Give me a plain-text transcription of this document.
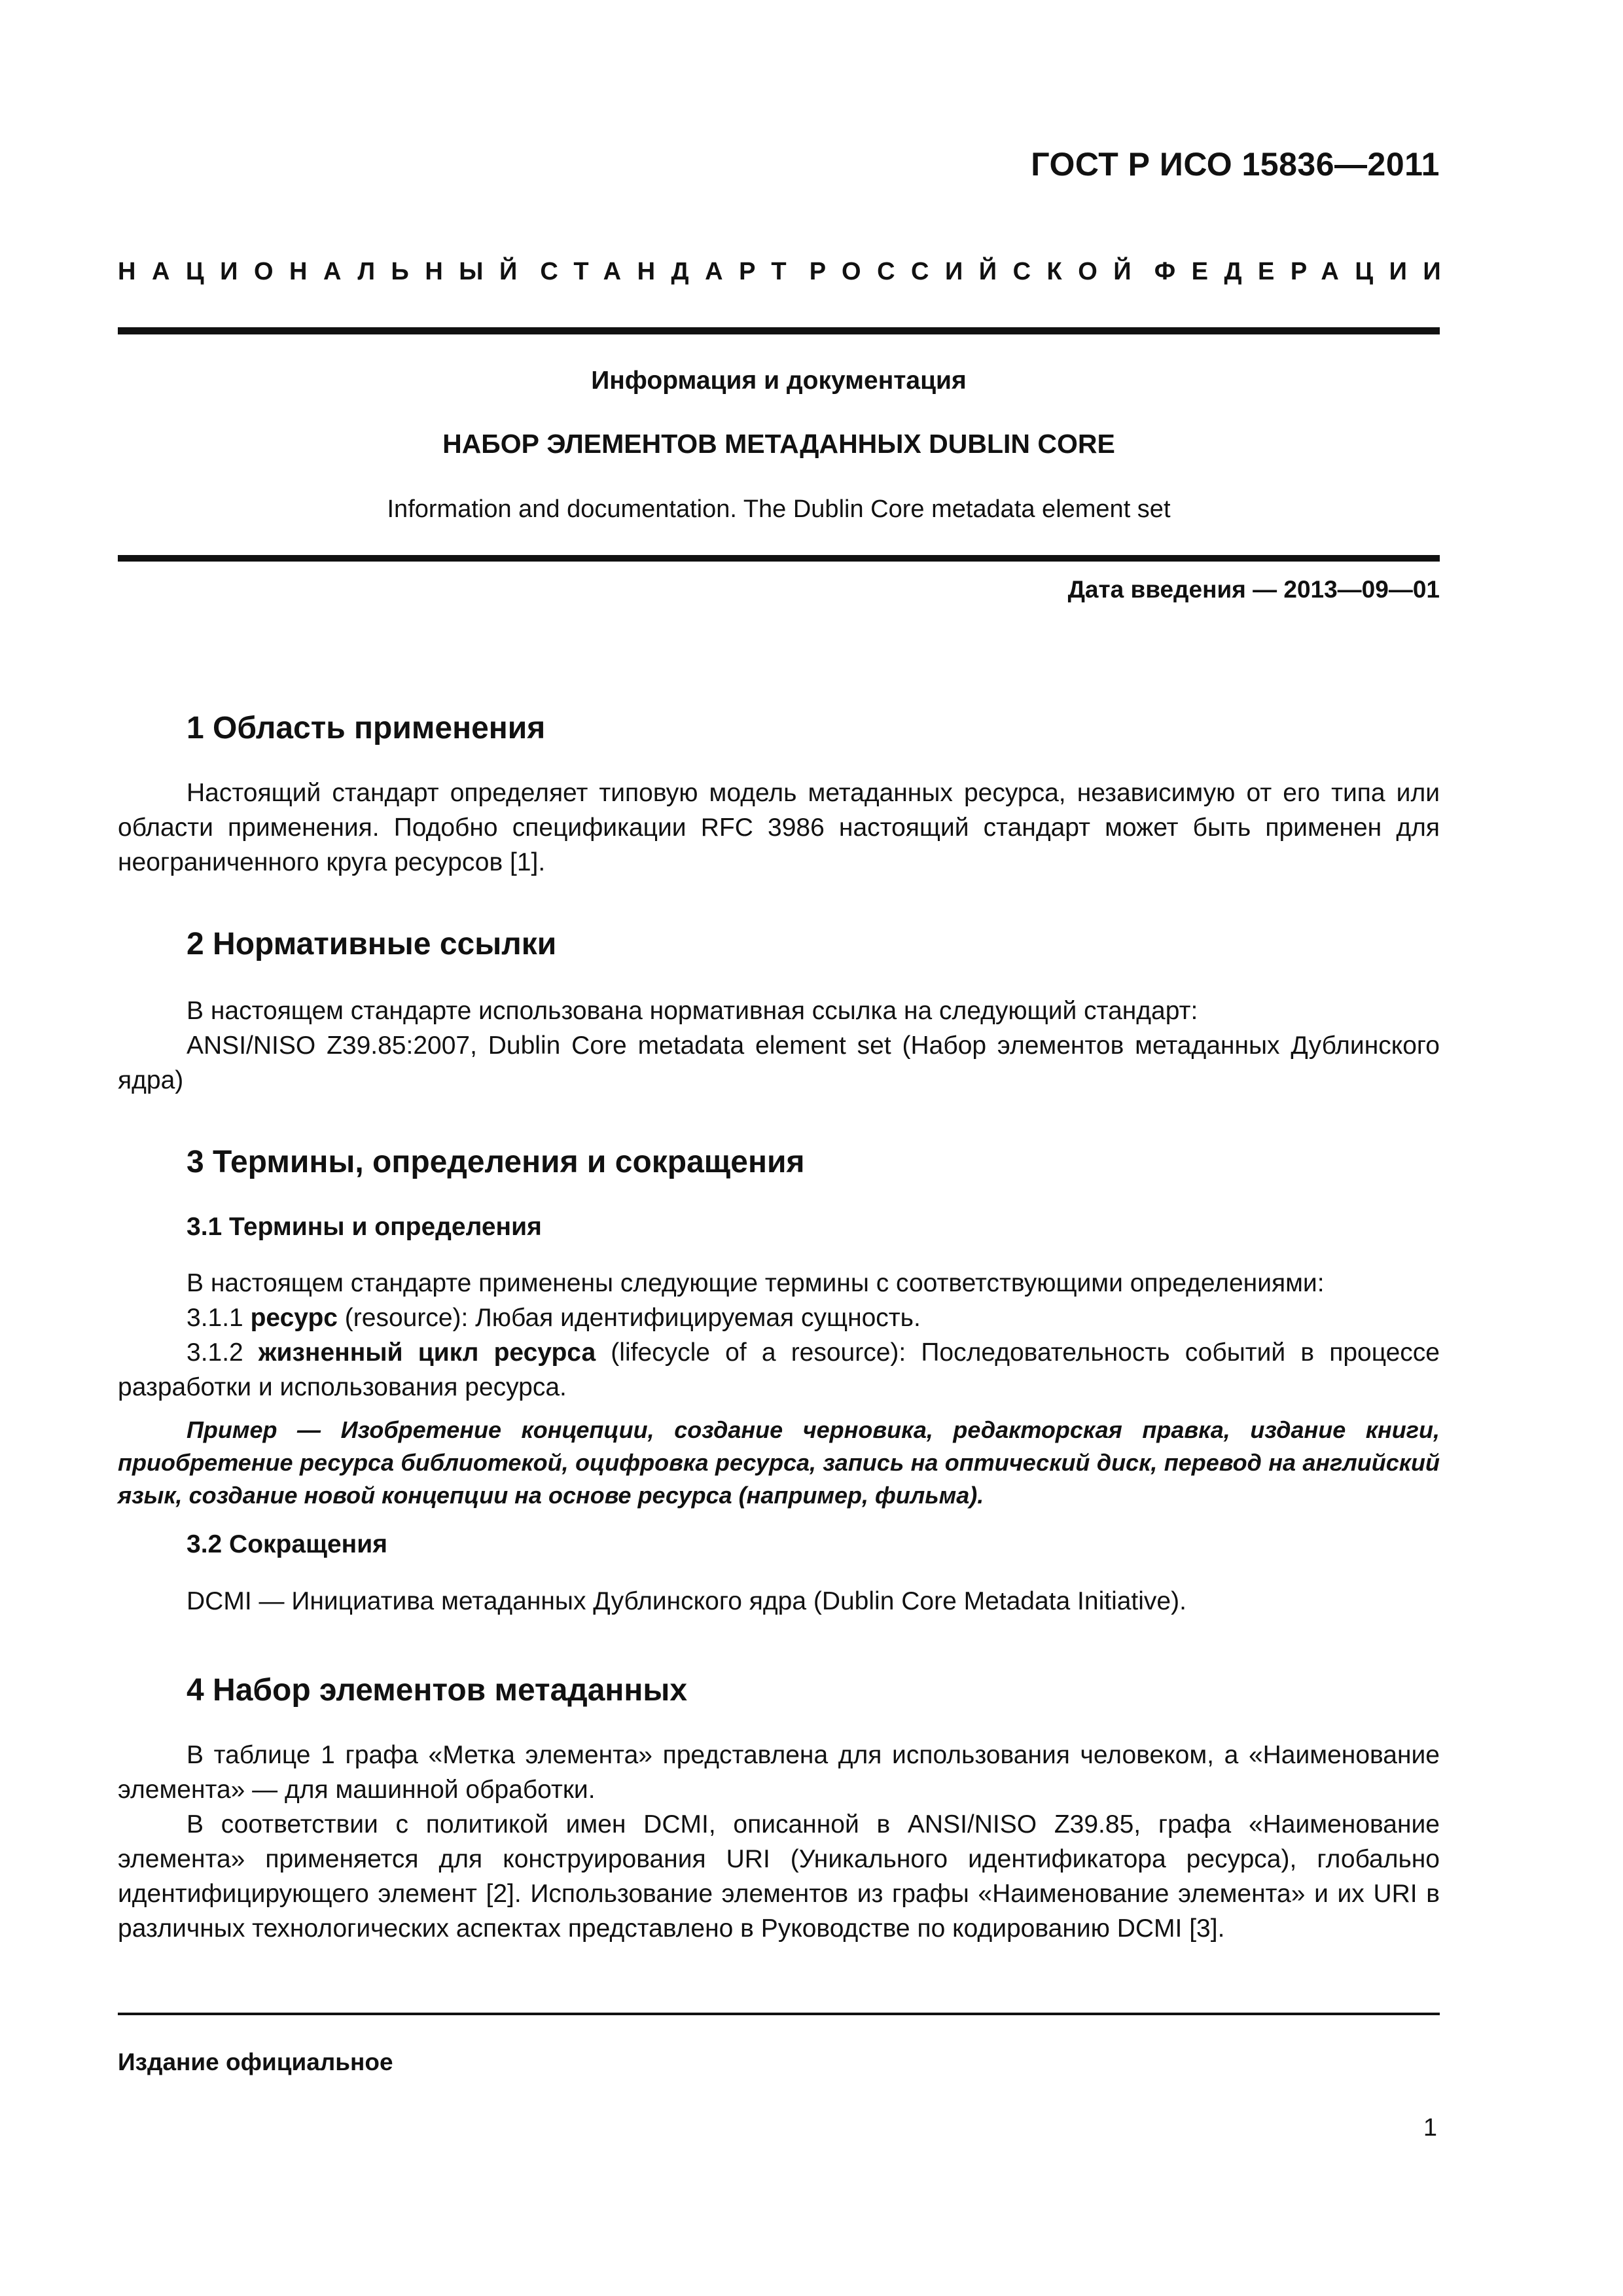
ГОСТ Р ИСО 15836—2011
НАЦИОНАЛЬНЫЙ СТАНДАРТ РОССИЙСКОЙ ФЕДЕРАЦИИ
Информация и документация
НАБОР ЭЛЕМЕНТОВ МЕТАДАННЫХ DUBLIN CORE
Information and documentation. The Dublin Core metadata element set
Дата введения — 2013—09—01
1 Область применения

Настоящий стандарт определяет типовую модель метаданных ресурса, независимую от его типа или области применения. Подобно спецификации RFC 3986 настоящий стандарт может быть применен для неограниченного круга ресурсов [1].

2 Нормативные ссылки

В настоящем стандарте использована нормативная ссылка на следующий стандарт:

ANSI/NISO Z39.85:2007, Dublin Core metadata element set (Набор элементов метаданных Дублинского ядра)

3 Термины, определения и сокращения
3.1 Термины и определения

В настоящем стандарте применены следующие термины с соответствующими определениями:

3.1.1 ресурс (resource): Любая идентифицируемая сущность.

3.1.2 жизненный цикл ресурса (lifecycle of a resource): Последовательность событий в процессе разработки и использования ресурса.

Пример — Изобретение концепции, создание черновика, редакторская правка, издание книги, приобретение ресурса библиотекой, оцифровка ресурса, запись на оптический диск, перевод на английский язык, создание новой концепции на основе ресурса (например, фильма).

3.2 Сокращения

DCMI — Инициатива метаданных Дублинского ядра (Dublin Core Metadata Initiative).

4 Набор элементов метаданных

В таблице 1 графа «Метка элемента» представлена для использования человеком, а «Наименование элемента» — для машинной обработки.

В соответствии с политикой имен DCMI, описанной в ANSI/NISO Z39.85, графа «Наименование элемента» применяется для конструирования URI (Уникального идентификатора ресурса), глобально идентифицирующего элемент [2]. Использование элементов из графы «Наименование элемента» и их URI в различных технологических аспектах представлено в Руководстве по кодированию DCMI [3].

Издание официальное
1
